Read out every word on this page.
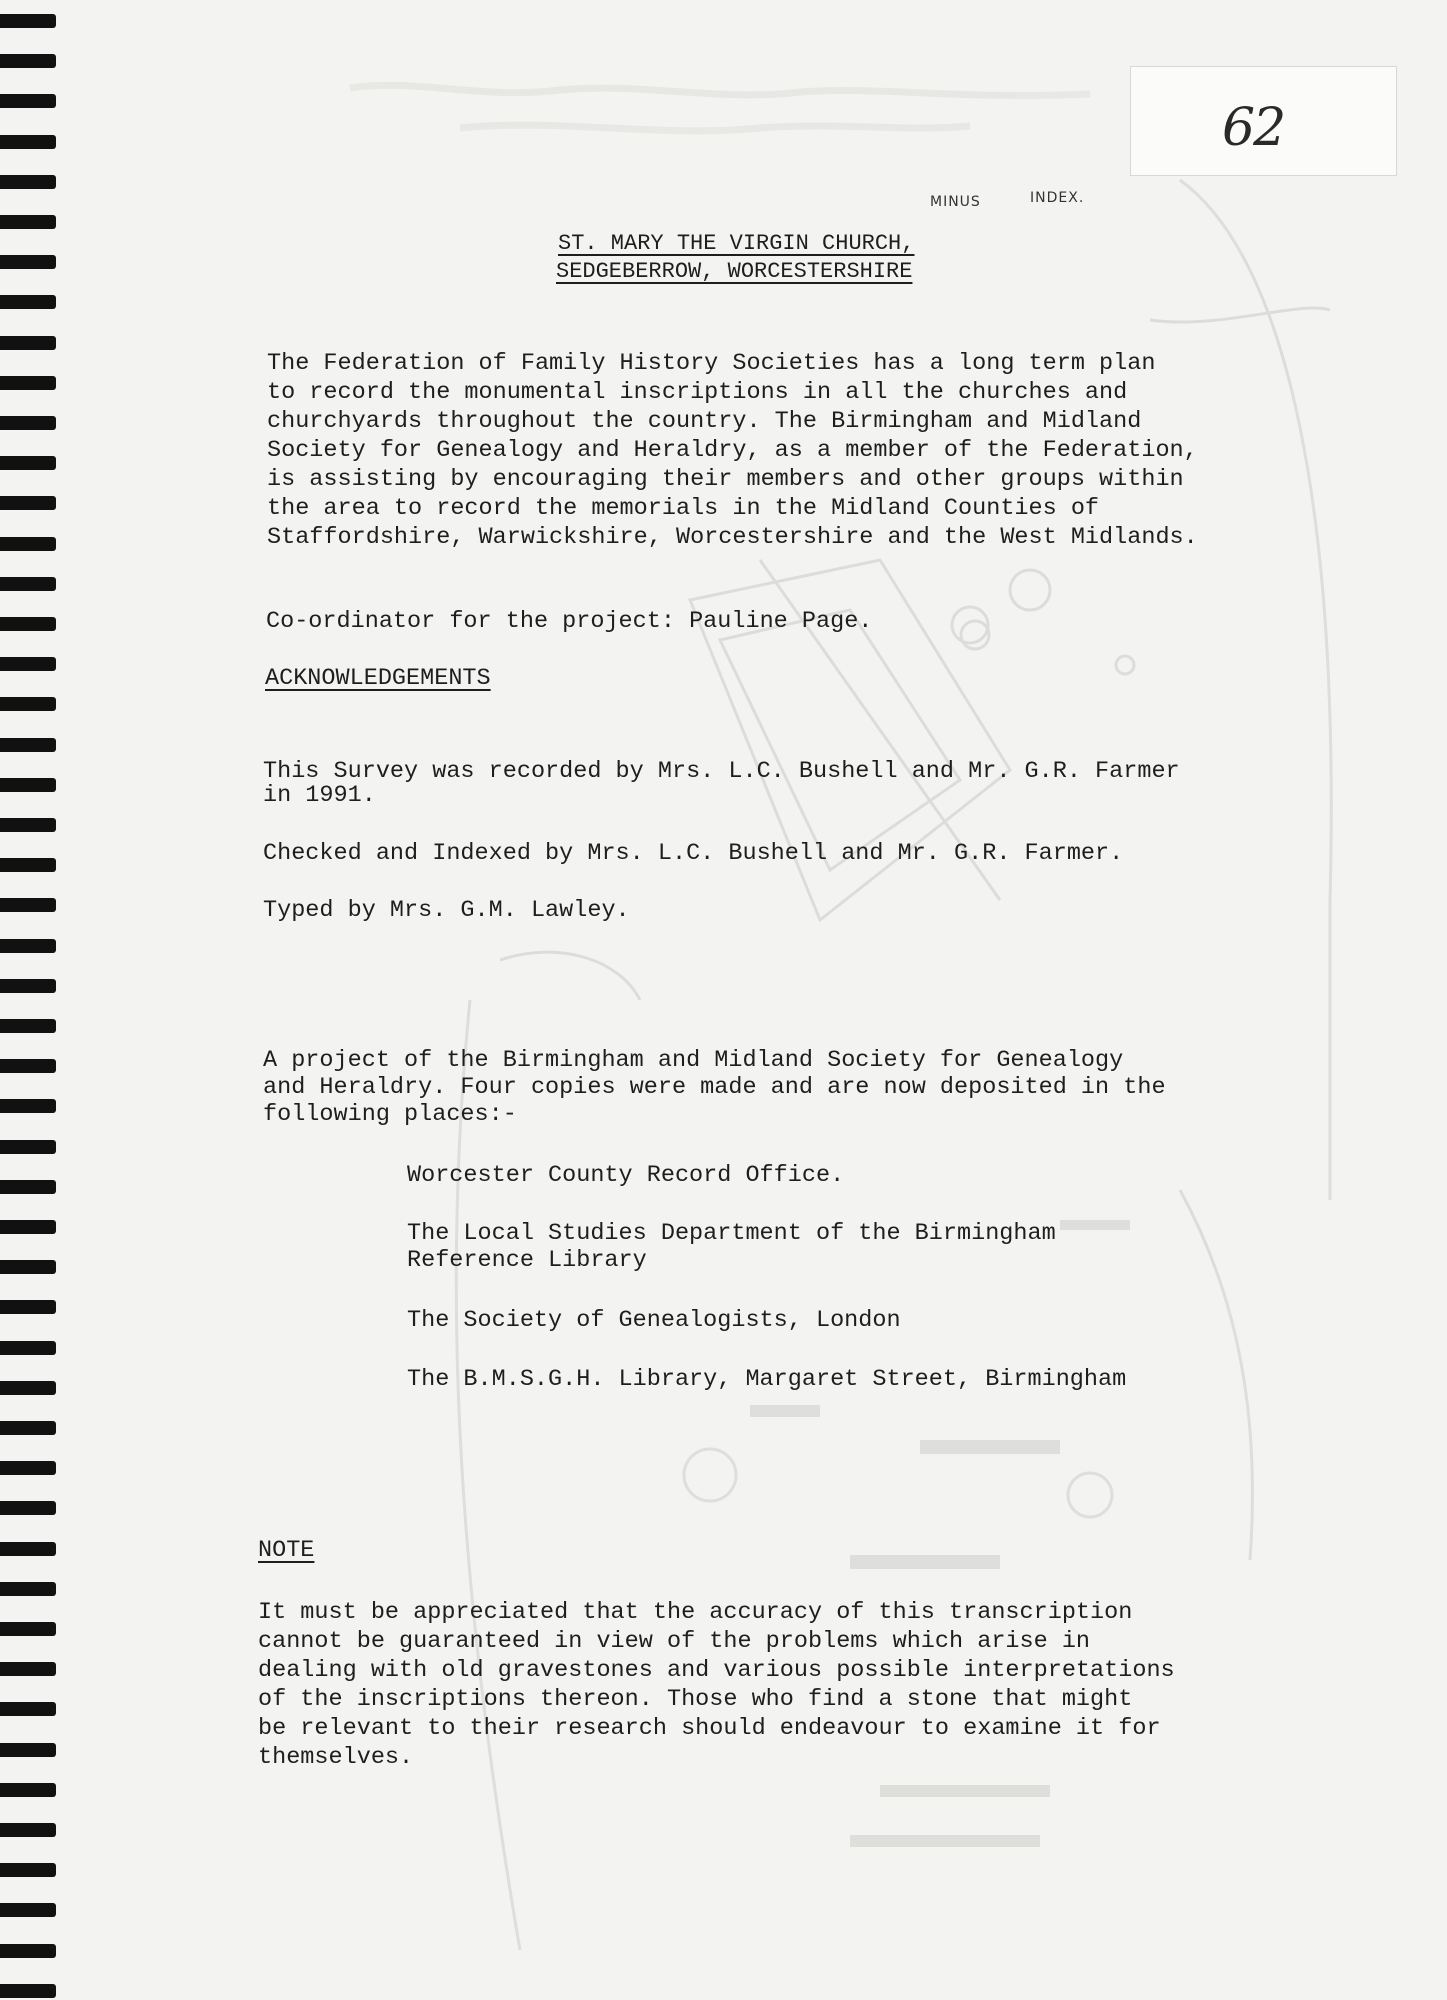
62
MINUS	INDEX.
ST. MARY THE VIRGIN CHURCH,
SEDGEBERROW, WORCESTERSHIRE
The Federation of Family History Societies has a long term plan
to record the monumental inscriptions in all the churches and
churchyards throughout the country. The Birmingham and Midland
Society for Genealogy and Heraldry, as a member of the Federation,
is assisting by encouraging their members and other groups within
the area to record the memorials in the Midland Counties of
Staffordshire, Warwickshire, Worcestershire and the West Midlands.
Co-ordinator for the project: Pauline Page.
ACKNOWLEDGEMENTS
This Survey was recorded by Mrs. L.C. Bushell and Mr. G.R. Farmer
in 1991.
Checked and Indexed by Mrs. L.C. Bushell and Mr. G.R. Farmer.
Typed by Mrs. G.M. Lawley.
A project of the Birmingham and Midland Society for Genealogy
and Heraldry. Four copies were made and are now deposited in the
following places:-
Worcester County Record Office.
The Local Studies Department of the Birmingham
Reference Library
The Society of Genealogists, London
The B.M.S.G.H. Library, Margaret Street, Birmingham
NOTE
It must be appreciated that the accuracy of this transcription
cannot be guaranteed in view of the problems which arise in
dealing with old gravestones and various possible interpretations
of the inscriptions thereon. Those who find a stone that might
be relevant to their research should endeavour to examine it for
themselves.
